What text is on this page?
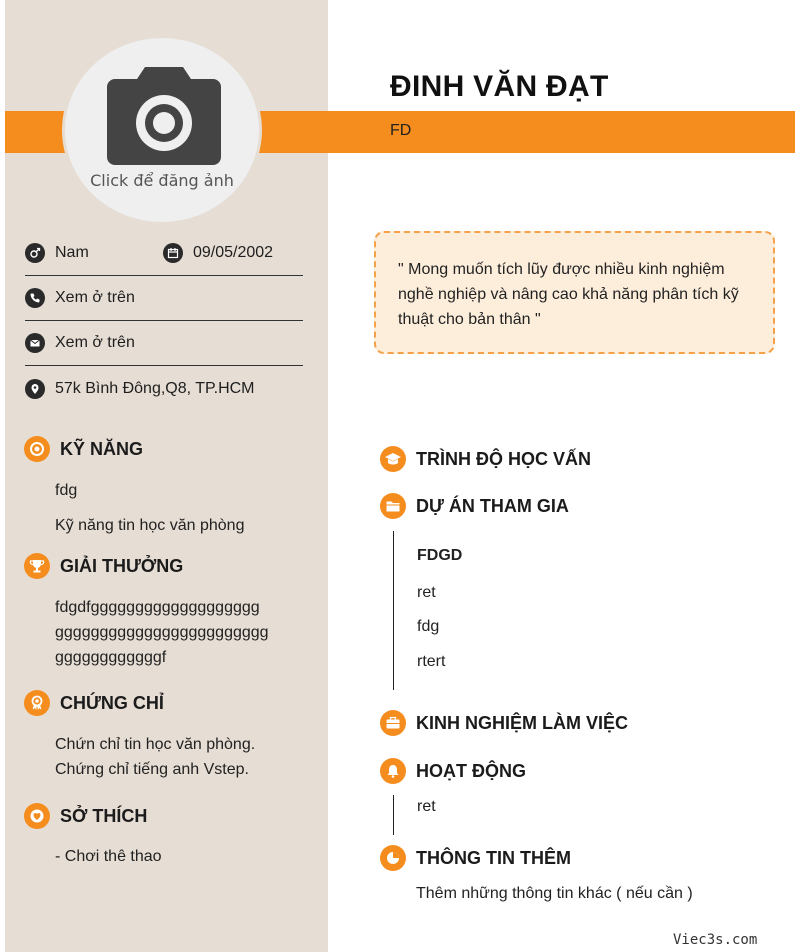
Click để đăng ảnh
ĐINH VĂN ĐẠT
FD
Nam	09/05/2002
Xem ở trên
Xem ở trên
57k Bình Đông,Q8, TP.HCM
KỸ NĂNG
fdg
Kỹ năng tin học văn phòng
GIẢI THƯỞNG
fdgdfggggggggggggggggggg
gggggggggggggggggggggggg
ggggggggggggf
CHỨNG CHỈ
Chứn chỉ tin học văn phòng.
Chứng chỉ tiếng anh Vstep.
SỞ THÍCH
- Chơi thê thao
" Mong muốn tích lũy được nhiều kinh nghiệm nghề nghiệp và nâng cao khả năng phân tích kỹ thuật cho bản thân "
TRÌNH ĐỘ HỌC VẤN
DỰ ÁN THAM GIA
FDGD
ret
fdg
rtert
KINH NGHIỆM LÀM VIỆC
HOẠT ĐỘNG
ret
THÔNG TIN THÊM
Thêm những thông tin khác ( nếu cần )
Viec3s.com
